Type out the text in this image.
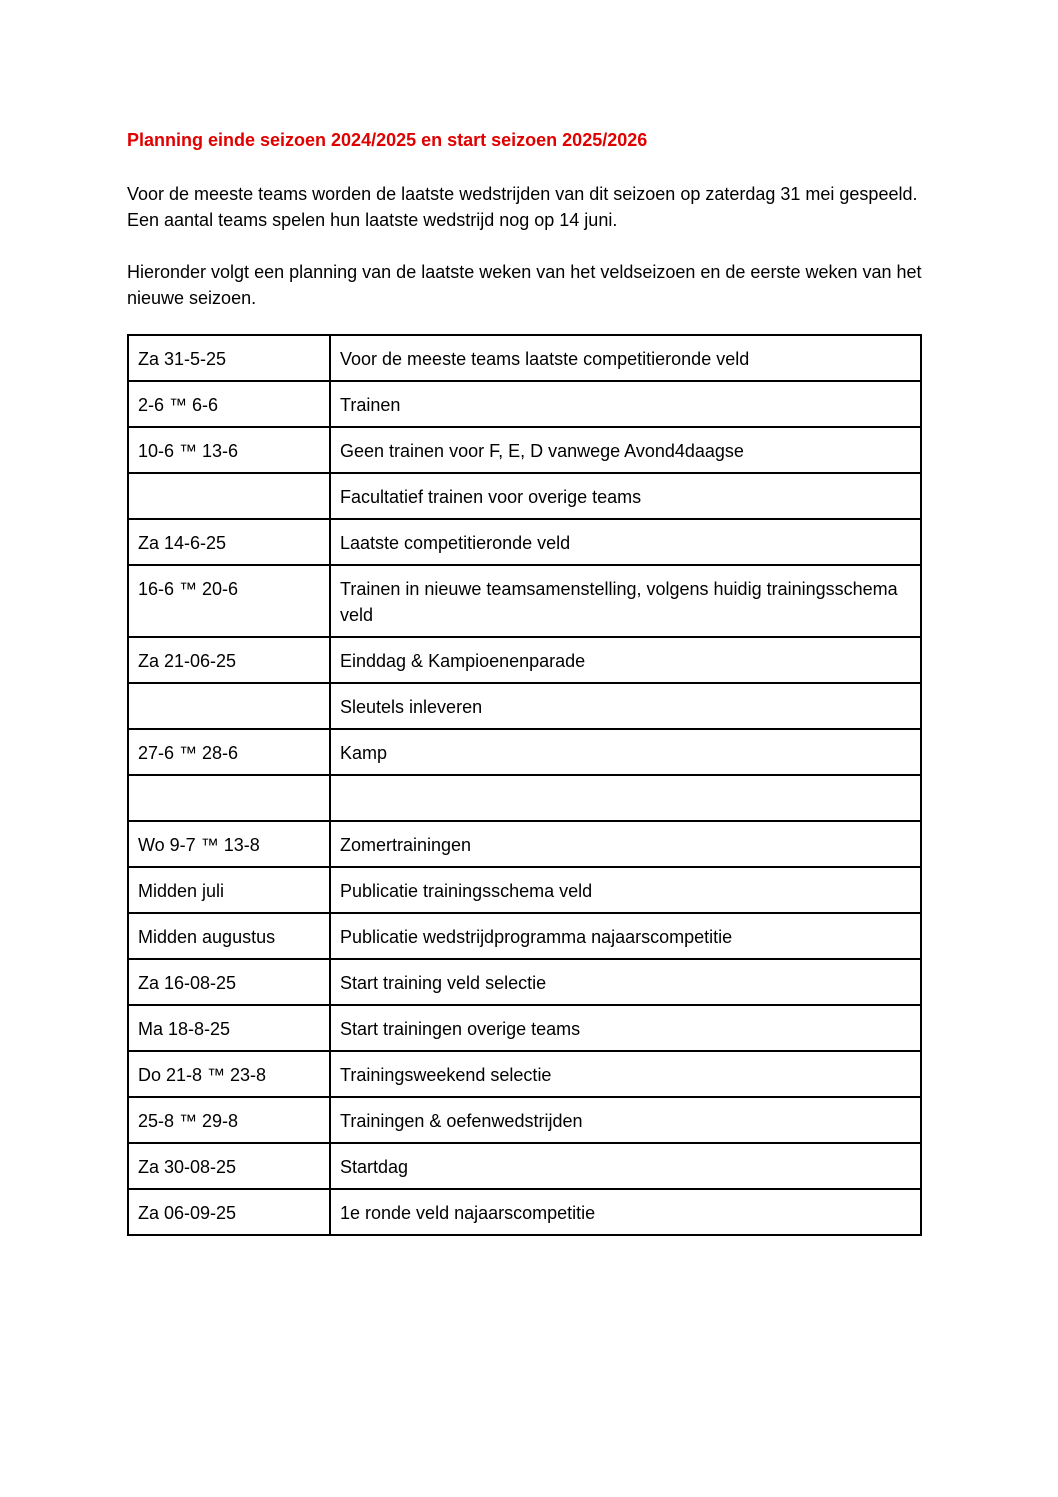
Planning einde seizoen 2024/2025 en start seizoen 2025/2026

Voor de meeste teams worden de laatste wedstrijden van dit seizoen op zaterdag 31 mei gespeeld. Een aantal teams spelen hun laatste wedstrijd nog op 14 juni.

Hieronder volgt een planning van de laatste weken van het veldseizoen en de eerste weken van het nieuwe seizoen.

Za 31-5-25	Voor de meeste teams laatste competitieronde veld
2-6 ™ 6-6	Trainen
10-6 ™ 13-6	Geen trainen voor F, E, D vanwege Avond4daagse
	Facultatief trainen voor overige teams
Za 14-6-25	Laatste competitieronde veld
16-6 ™ 20-6	Trainen in nieuwe teamsamenstelling, volgens huidig trainingsschema veld
Za 21-06-25	Einddag & Kampioenenparade
	Sleutels inleveren
27-6 ™ 28-6	Kamp

Wo 9-7 ™ 13-8	Zomertrainingen
Midden juli	Publicatie trainingsschema veld
Midden augustus	Publicatie wedstrijdprogramma najaarscompetitie
Za 16-08-25	Start training veld selectie
Ma 18-8-25	Start trainingen overige teams
Do 21-8 ™ 23-8	Trainingsweekend selectie
25-8 ™ 29-8	Trainingen & oefenwedstrijden
Za 30-08-25	Startdag
Za 06-09-25	1e ronde veld najaarscompetitie
